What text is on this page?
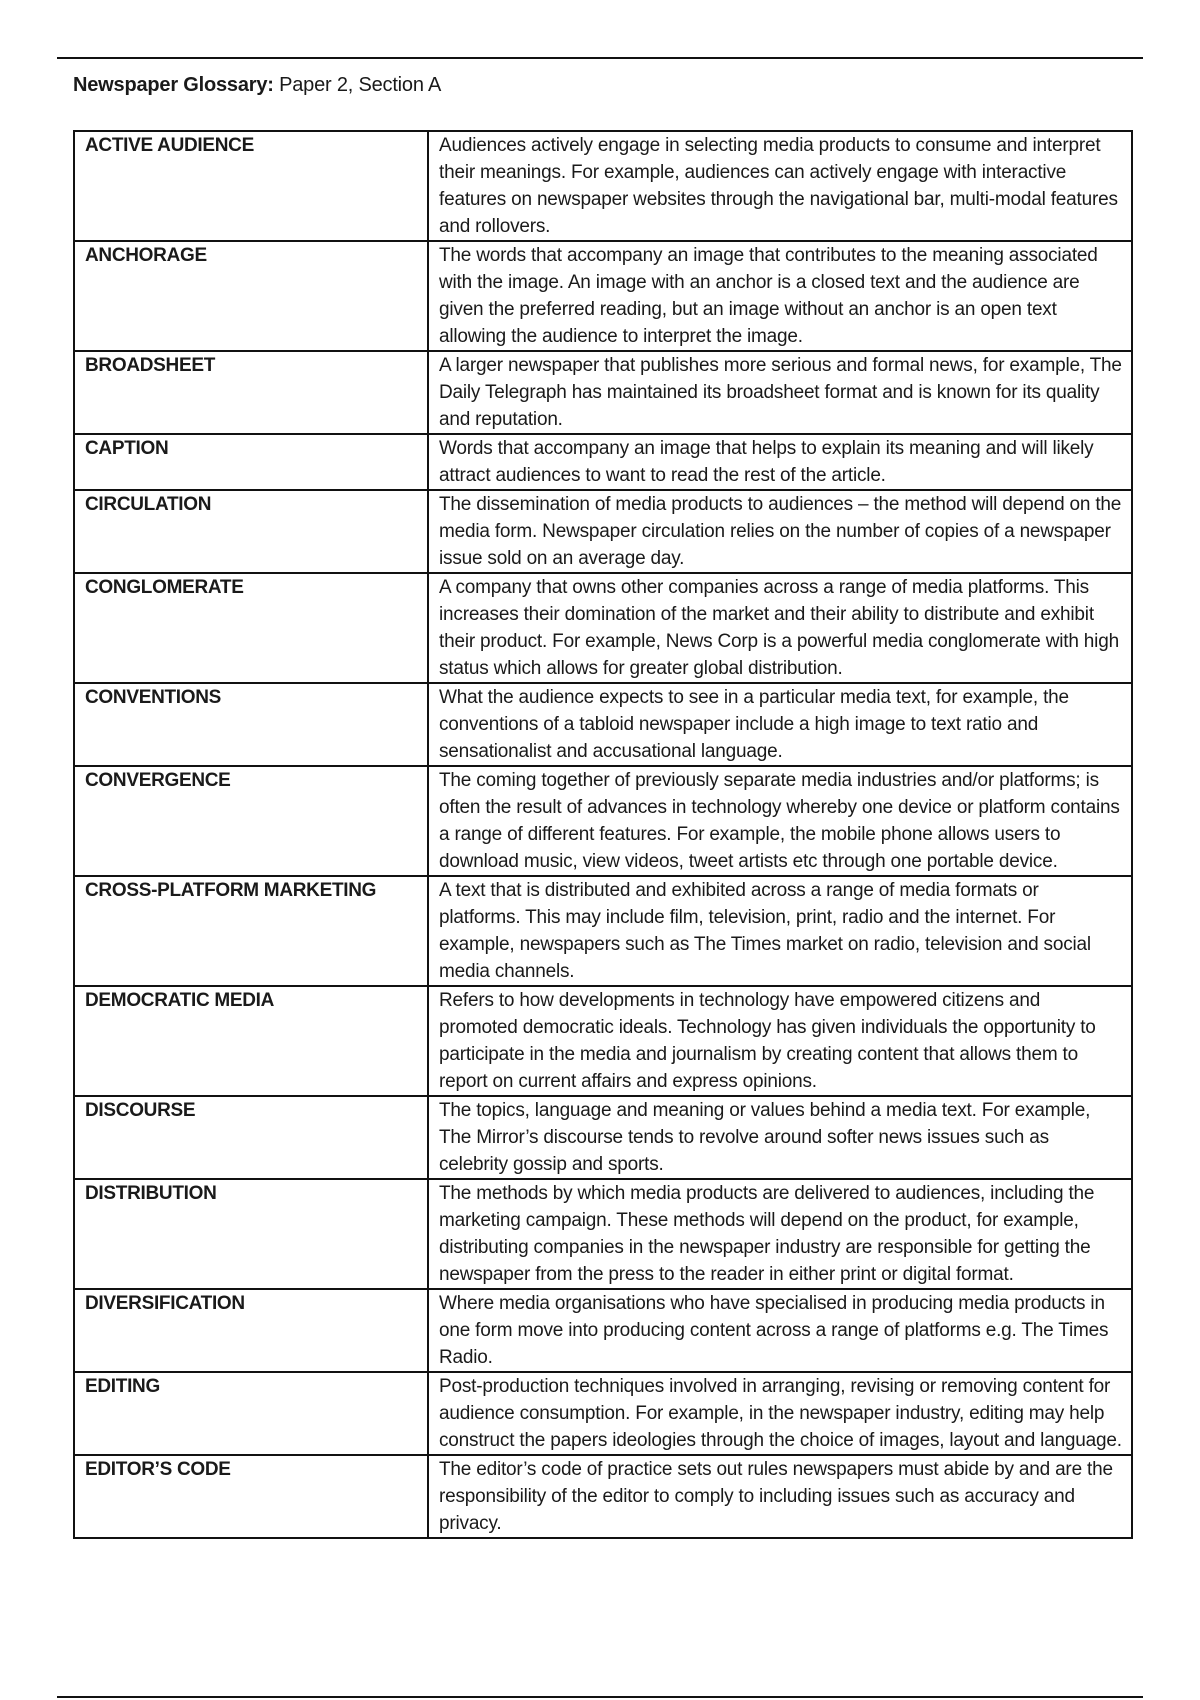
Newspaper Glossary: Paper 2, Section A
ACTIVE AUDIENCE	Audiences actively engage in selecting media products to consume and interpret their meanings. For example, audiences can actively engage with interactive features on newspaper websites through the navigational bar, multi-modal features and rollovers.
ANCHORAGE	The words that accompany an image that contributes to the meaning associated with the image. An image with an anchor is a closed text and the audience are given the preferred reading, but an image without an anchor is an open text allowing the audience to interpret the image.
BROADSHEET	A larger newspaper that publishes more serious and formal news, for example, The Daily Telegraph has maintained its broadsheet format and is known for its quality and reputation.
CAPTION	Words that accompany an image that helps to explain its meaning and will likely attract audiences to want to read the rest of the article.
CIRCULATION	The dissemination of media products to audiences – the method will depend on the media form. Newspaper circulation relies on the number of copies of a newspaper issue sold on an average day.
CONGLOMERATE	A company that owns other companies across a range of media platforms. This increases their domination of the market and their ability to distribute and exhibit their product. For example, News Corp is a powerful media conglomerate with high status which allows for greater global distribution.
CONVENTIONS	What the audience expects to see in a particular media text, for example, the conventions of a tabloid newspaper include a high image to text ratio and sensationalist and accusational language.
CONVERGENCE	The coming together of previously separate media industries and/or platforms; is often the result of advances in technology whereby one device or platform contains a range of different features. For example, the mobile phone allows users to download music, view videos, tweet artists etc through one portable device.
CROSS-PLATFORM MARKETING	A text that is distributed and exhibited across a range of media formats or platforms. This may include film, television, print, radio and the internet. For example, newspapers such as The Times market on radio, television and social media channels.
DEMOCRATIC MEDIA	Refers to how developments in technology have empowered citizens and promoted democratic ideals. Technology has given individuals the opportunity to participate in the media and journalism by creating content that allows them to report on current affairs and express opinions.
DISCOURSE	The topics, language and meaning or values behind a media text. For example, The Mirror’s discourse tends to revolve around softer news issues such as celebrity gossip and sports.
DISTRIBUTION	The methods by which media products are delivered to audiences, including the marketing campaign. These methods will depend on the product, for example, distributing companies in the newspaper industry are responsible for getting the newspaper from the press to the reader in either print or digital format.
DIVERSIFICATION	Where media organisations who have specialised in producing media products in one form move into producing content across a range of platforms e.g. The Times Radio.
EDITING	Post-production techniques involved in arranging, revising or removing content for audience consumption. For example, in the newspaper industry, editing may help construct the papers ideologies through the choice of images, layout and language.
EDITOR’S CODE	The editor’s code of practice sets out rules newspapers must abide by and are the responsibility of the editor to comply to including issues such as accuracy and privacy.
